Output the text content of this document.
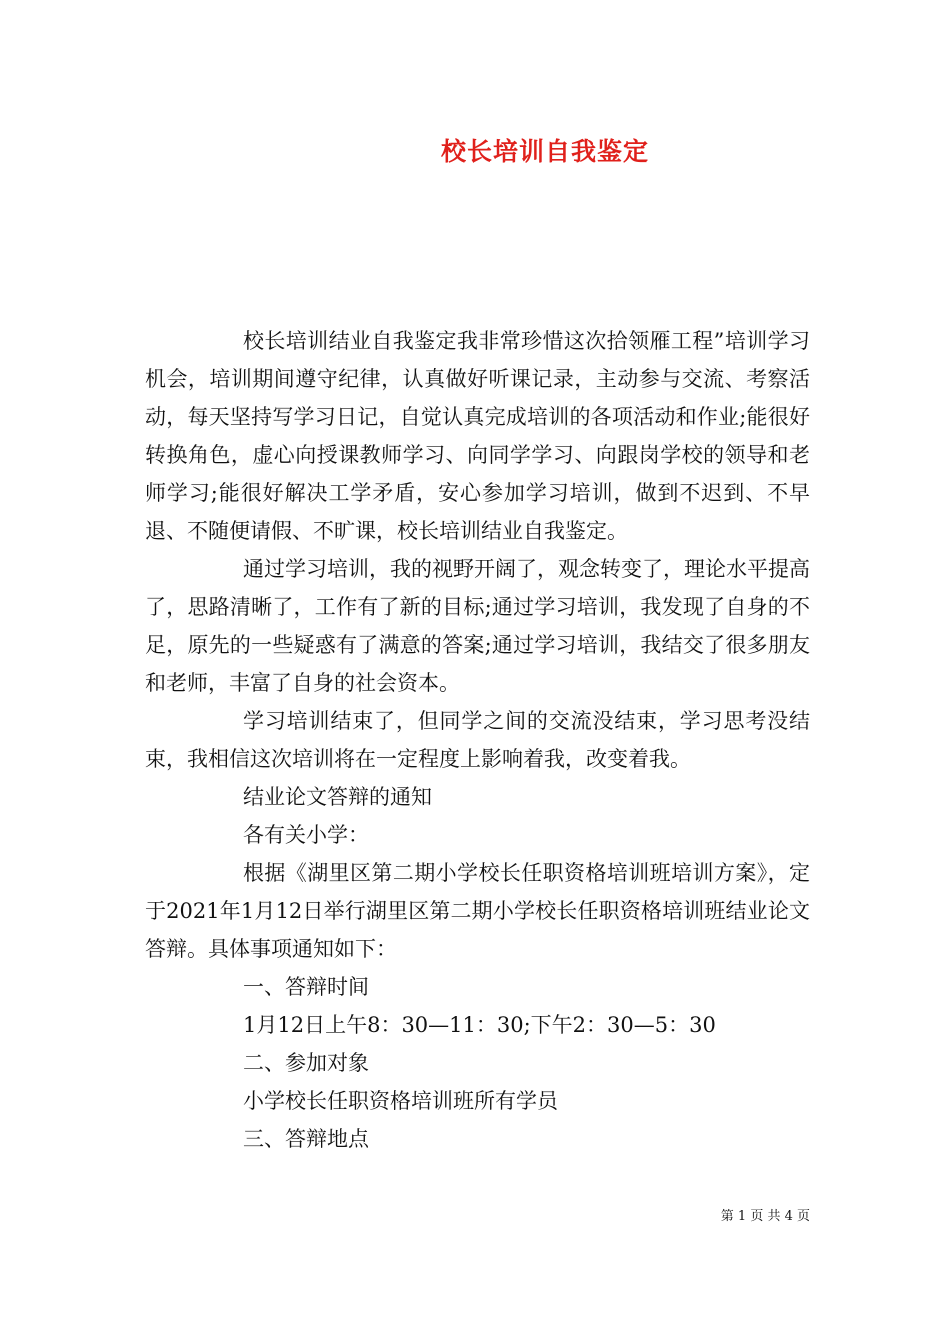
校长培训自我鉴定

校长培训结业自我鉴定我非常珍惜这次拾领雁工程”培训学习机会，培训期间遵守纪律，认真做好听课记录，主动参与交流、考察活动，每天坚持写学习日记，自觉认真完成培训的各项活动和作业;能很好转换角色，虚心向授课教师学习、向同学学习、向跟岗学校的领导和老师学习;能很好解决工学矛盾，安心参加学习培训，做到不迟到、不早退、不随便请假、不旷课，校长培训结业自我鉴定。

通过学习培训，我的视野开阔了，观念转变了，理论水平提高了，思路清晰了，工作有了新的目标;通过学习培训，我发现了自身的不足，原先的一些疑惑有了满意的答案;通过学习培训，我结交了很多朋友和老师，丰富了自身的社会资本。

学习培训结束了，但同学之间的交流没结束，学习思考没结束，我相信这次培训将在一定程度上影响着我，改变着我。

结业论文答辩的通知

各有关小学：

根据《湖里区第二期小学校长任职资格培训班培训方案》，定于2021年1月12日举行湖里区第二期小学校长任职资格培训班结业论文答辩。具体事项通知如下：

一、答辩时间

1月12日上午8：30—11：30;下午2：30—5：30

二、参加对象

小学校长任职资格培训班所有学员

三、答辩地点

第 1 页 共 4 页
